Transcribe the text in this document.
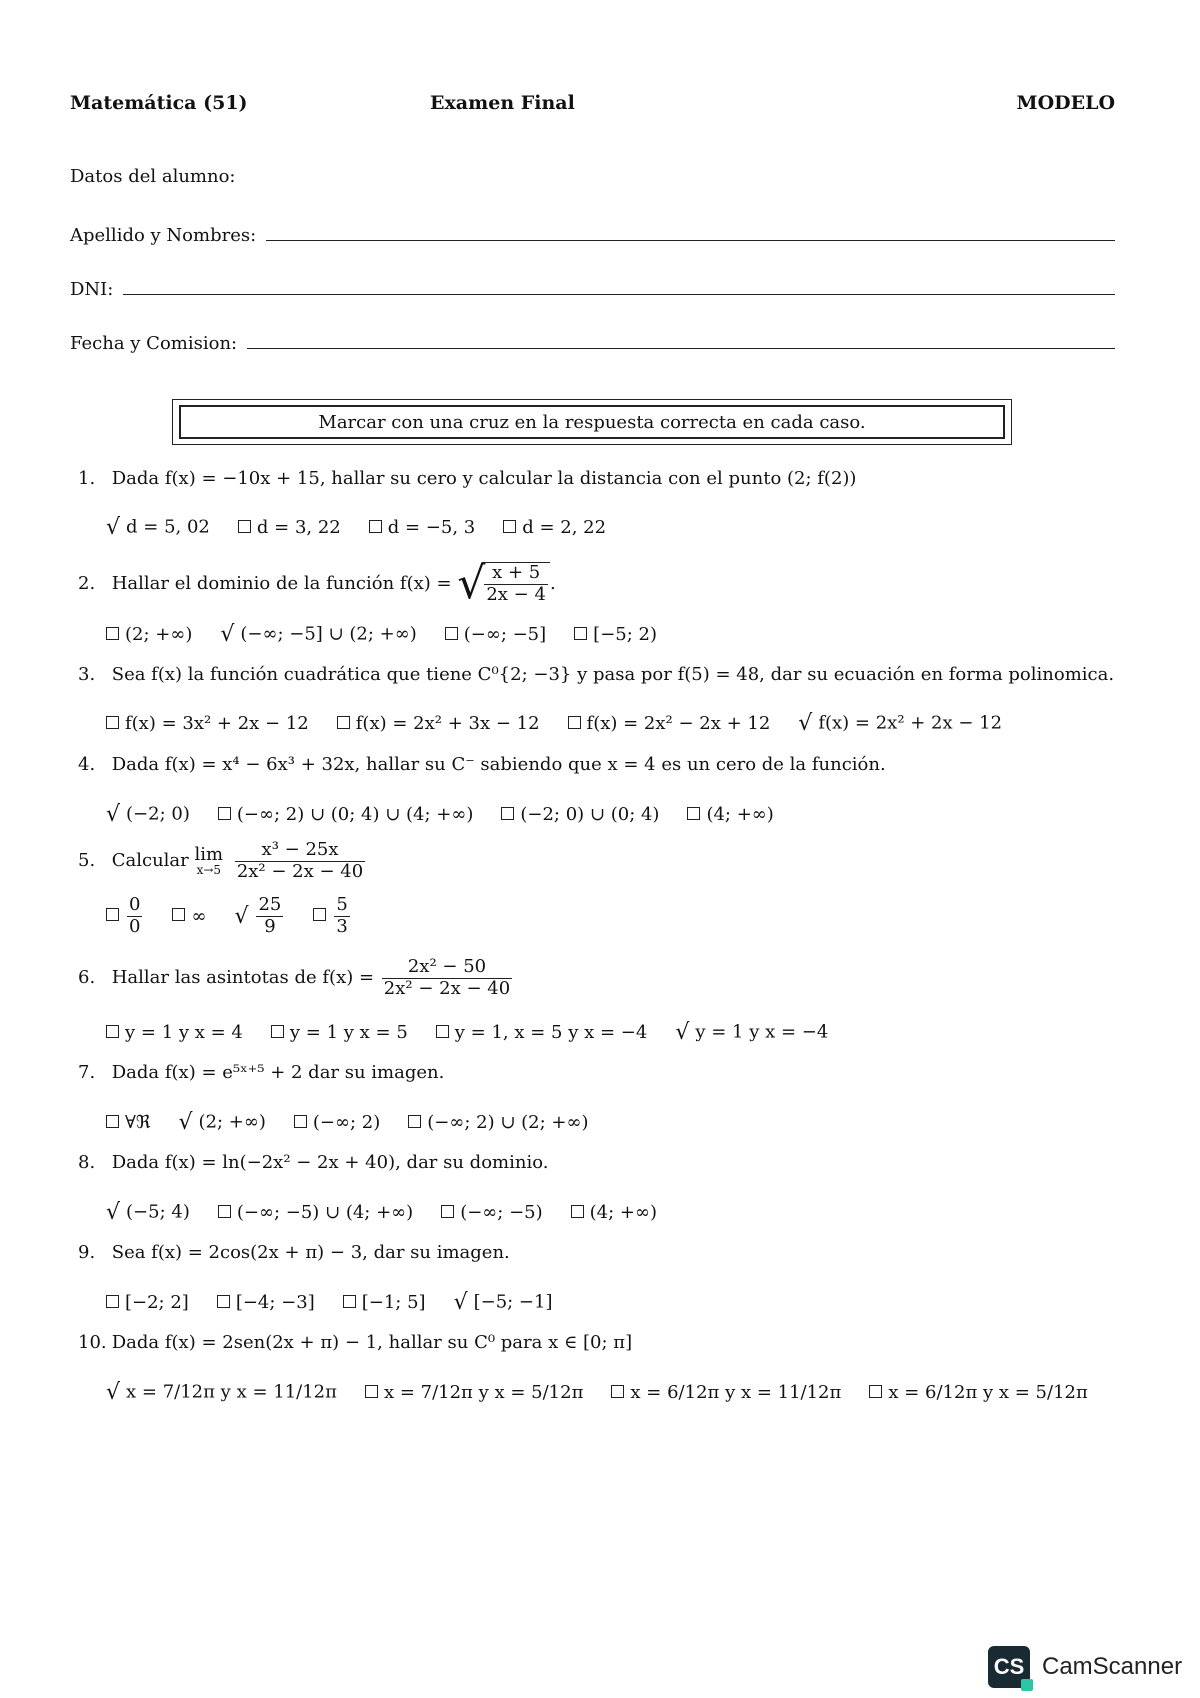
Matemática (51)	Examen Final	MODELO
Datos del alumno:
Apellido y Nombres:
DNI:
Fecha y Comision:
Marcar con una cruz en la respuesta correcta en cada caso.
1. Dada f(x) = −10x + 15, hallar su cero y calcular la distancia con el punto (2; f(2))
√ d = 5, 02	d = 3, 22	d = −5, 3	d = 2, 22
2. Hallar el dominio de la función f(x) = √ $\frac{x + 5}{2x - 4}$ .
(2; +∞) √ (−∞; −5] ∪ (2; +∞)	(−∞; −5]	[−5; 2)
3. Sea f(x) la función cuadrática que tiene C⁰{2; −3} y pasa por f(5) = 48, dar su ecuación en forma polinomica.
f(x) = 3x² + 2x − 12	f(x) = 2x² + 3x − 12	f(x) = 2x² − 2x + 12 √ f(x) = 2x² + 2x − 12
4. Dada f(x) = x⁴ − 6x³ + 32x, hallar su C⁻ sabiendo que x = 4 es un cero de la función.
√ (−2; 0)	(−∞; 2) ∪ (0; 4) ∪ (4; +∞)	(−2; 0) ∪ (0; 4)	(4; +∞)
5. Calcular lim
x→5
$\frac{\text{x³ − 25x}}{\text{2x² − 2x − 40}}$
$\frac{0}{0}$	∞ √ $\frac{25}{9}$	$\frac{5}{3}$
6. Hallar las asintotas de $f(x) = \frac{\text{2x² − 50}}{\text{2x² − 2x − 40}}$
y = 1 y x = 4	y = 1 y x = 5	y = 1, x = 5 y x = −4 √ y = 1 y x = −4
7. Dada f(x) = e⁵ˣ⁺⁵ + 2 dar su imagen.
∀ℜ √ (2; +∞)	(−∞; 2)	(−∞; 2) ∪ (2; +∞)
8. Dada f(x) = ln(−2x² − 2x + 40), dar su dominio.
√ (−5; 4)	(−∞; −5) ∪ (4; +∞)	(−∞; −5)	(4; +∞)
9. Sea f(x) = 2cos(2x + π) − 3, dar su imagen.
[−2; 2]	[−4; −3]	[−1; 5] √ [−5; −1]
10. Dada f(x) = 2sen(2x + π) − 1, hallar su C⁰ para x ∈ [0; π]
√ x = 7/12π y x = 11/12π	x = 7/12π y x = 5/12π	x = 6/12π y x = 11/12π	x = 6/12π y x = 5/12π
CS CamScanner
